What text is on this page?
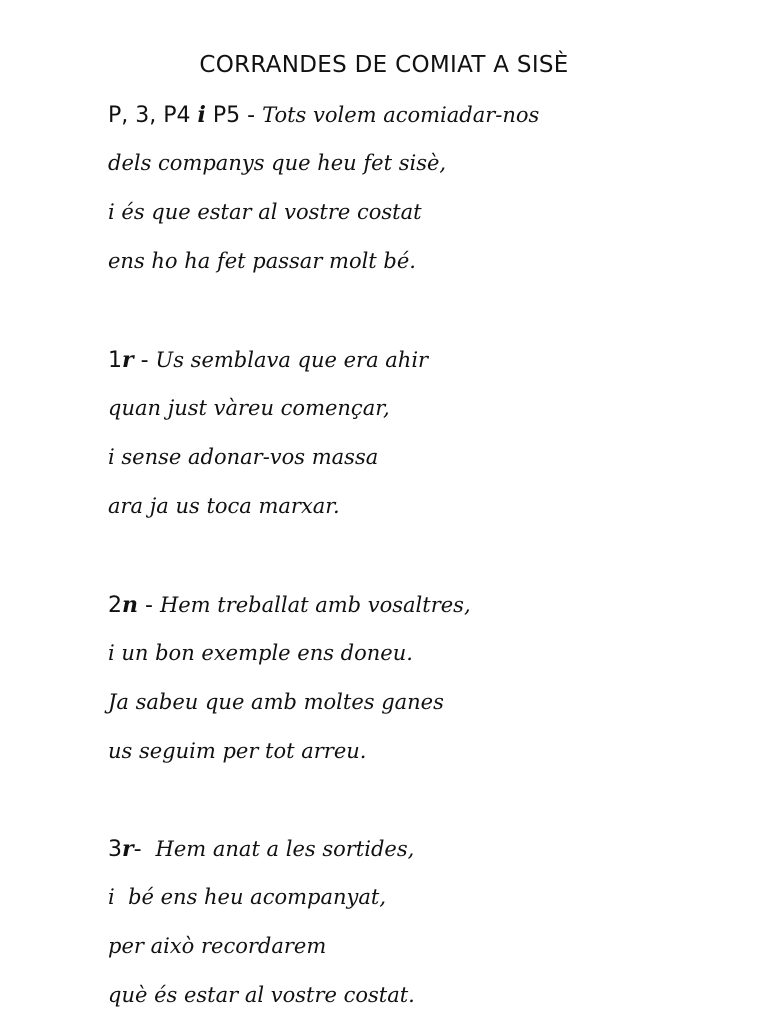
CORRANDES DE COMIAT A SISÈ
P, 3, P4 i P5 - Tots volem acomiadar-nos
dels companys que heu fet sisè,
i és que estar al vostre costat
ens ho ha fet passar molt bé.
1r - Us semblava que era ahir
quan just vàreu començar,
i sense adonar-vos massa
ara ja us toca marxar.
2n - Hem treballat amb vosaltres,
i un bon exemple ens doneu.
Ja sabeu que amb moltes ganes
us seguim per tot arreu.
3r- Hem anat a les sortides,
i  bé ens heu acompanyat,
per això recordarem
què és estar al vostre costat.
